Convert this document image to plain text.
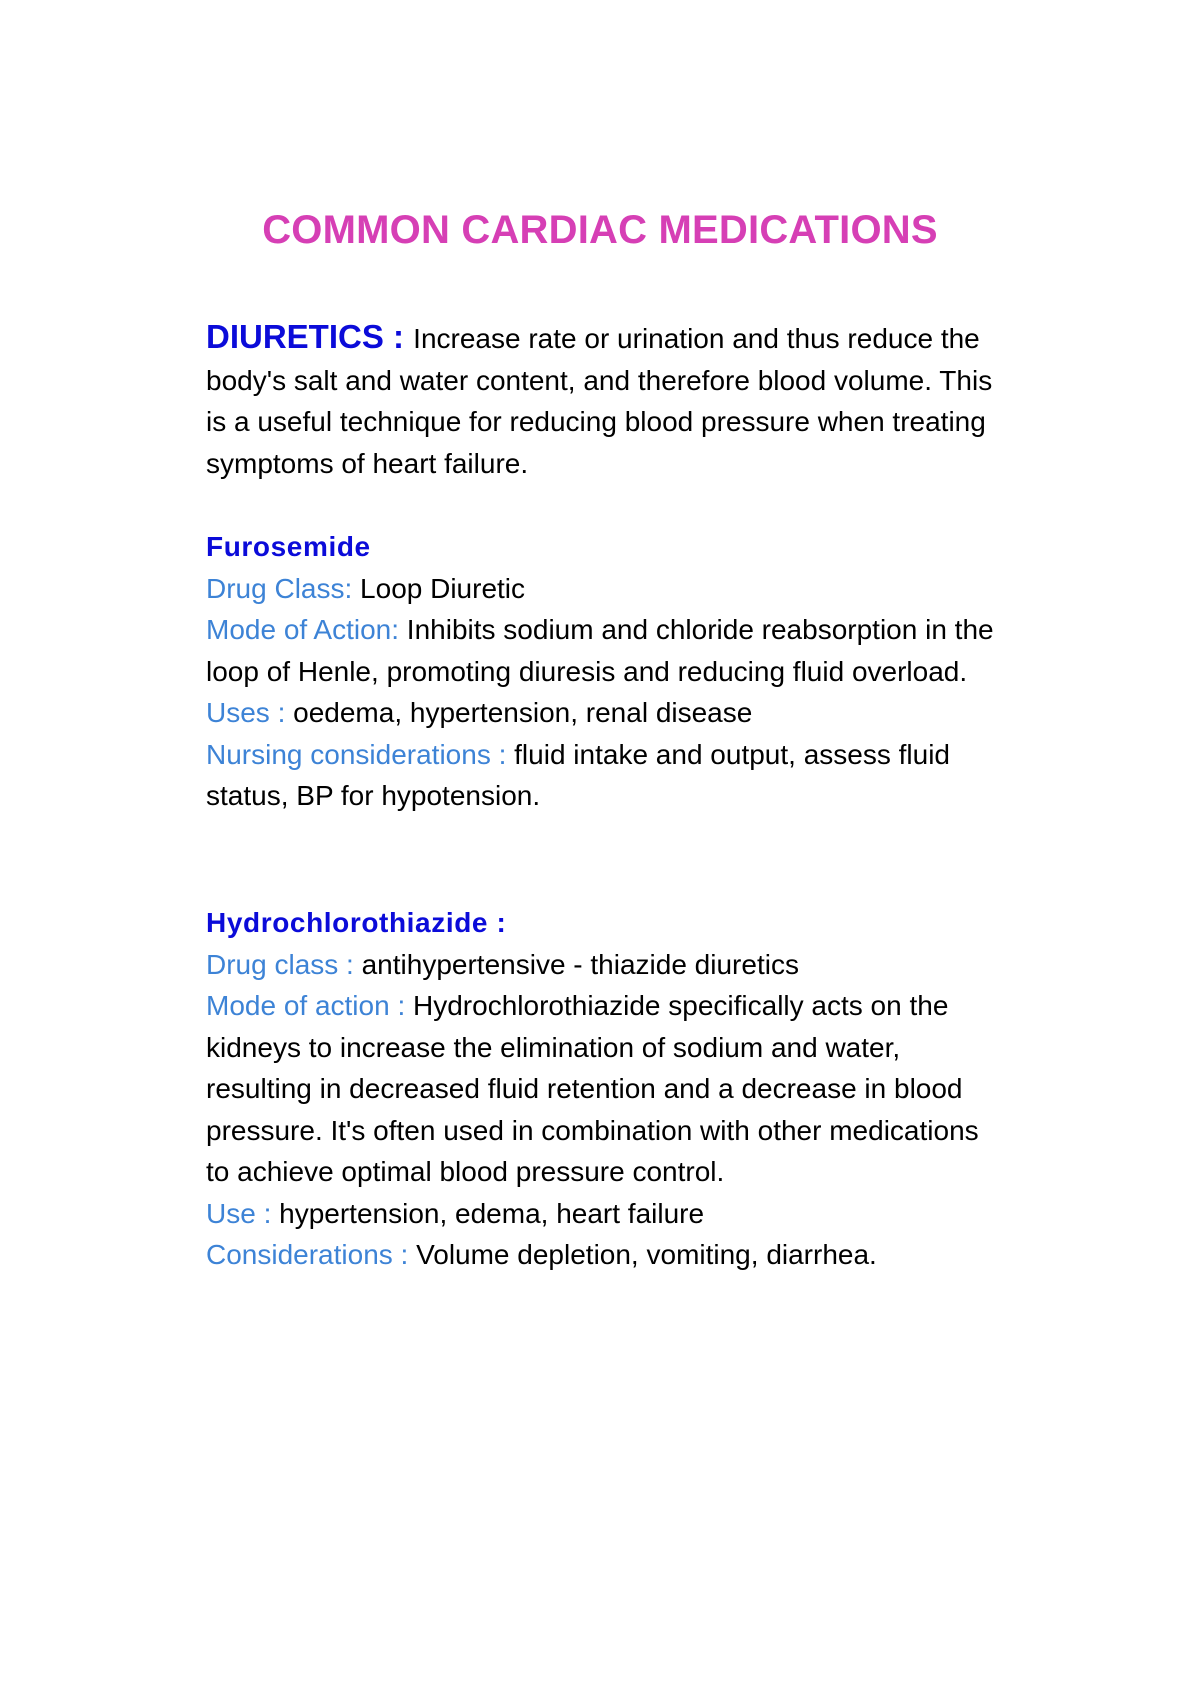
COMMON CARDIAC MEDICATIONS

DIURETICS : Increase rate or urination and thus reduce the body's salt and water content, and therefore blood volume. This is a useful technique for reducing blood pressure when treating symptoms of heart failure.

Furosemide

Drug Class: Loop Diuretic

Mode of Action: Inhibits sodium and chloride reabsorption in the loop of Henle, promoting diuresis and reducing fluid overload.

Uses : oedema, hypertension, renal disease

Nursing considerations : fluid intake and output, assess fluid status, BP for hypotension.

Hydrochlorothiazide :

Drug class : antihypertensive - thiazide diuretics

Mode of action : Hydrochlorothiazide specifically acts on the kidneys to increase the elimination of sodium and water, resulting in decreased fluid retention and a decrease in blood pressure. It's often used in combination with other medications to achieve optimal blood pressure control.

Use : hypertension, edema, heart failure

Considerations : Volume depletion, vomiting, diarrhea.
